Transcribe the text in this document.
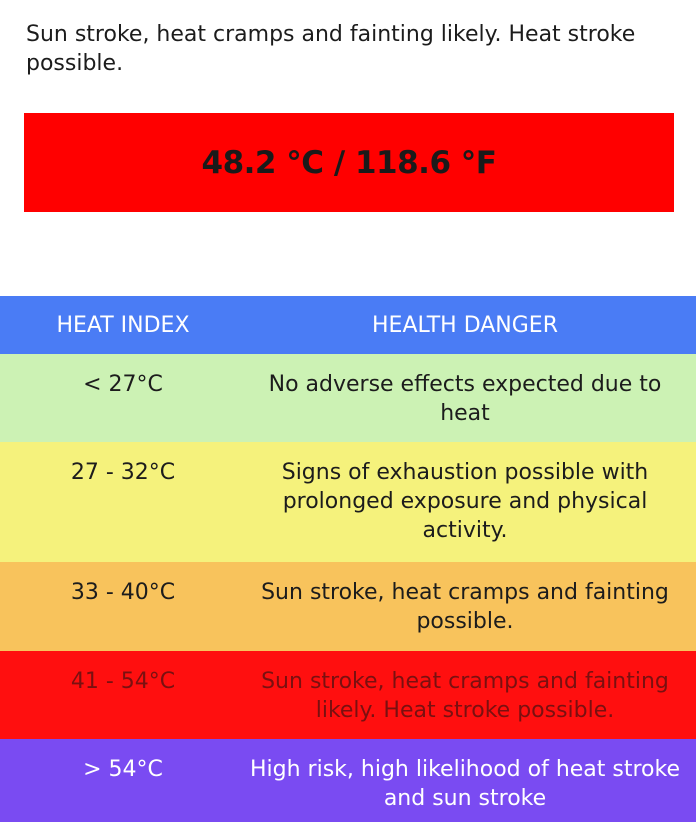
Sun stroke, heat cramps and fainting likely. Heat stroke possible.
48.2 °C / 118.6 °F
HEAT INDEX	HEALTH DANGER
< 27°C	No adverse effects expected due to heat
27 - 32°C	Signs of exhaustion possible with prolonged exposure and physical activity.
33 - 40°C	Sun stroke, heat cramps and fainting possible.
41 - 54°C	Sun stroke, heat cramps and fainting likely. Heat stroke possible.
> 54°C	High risk, high likelihood of heat stroke and sun stroke
